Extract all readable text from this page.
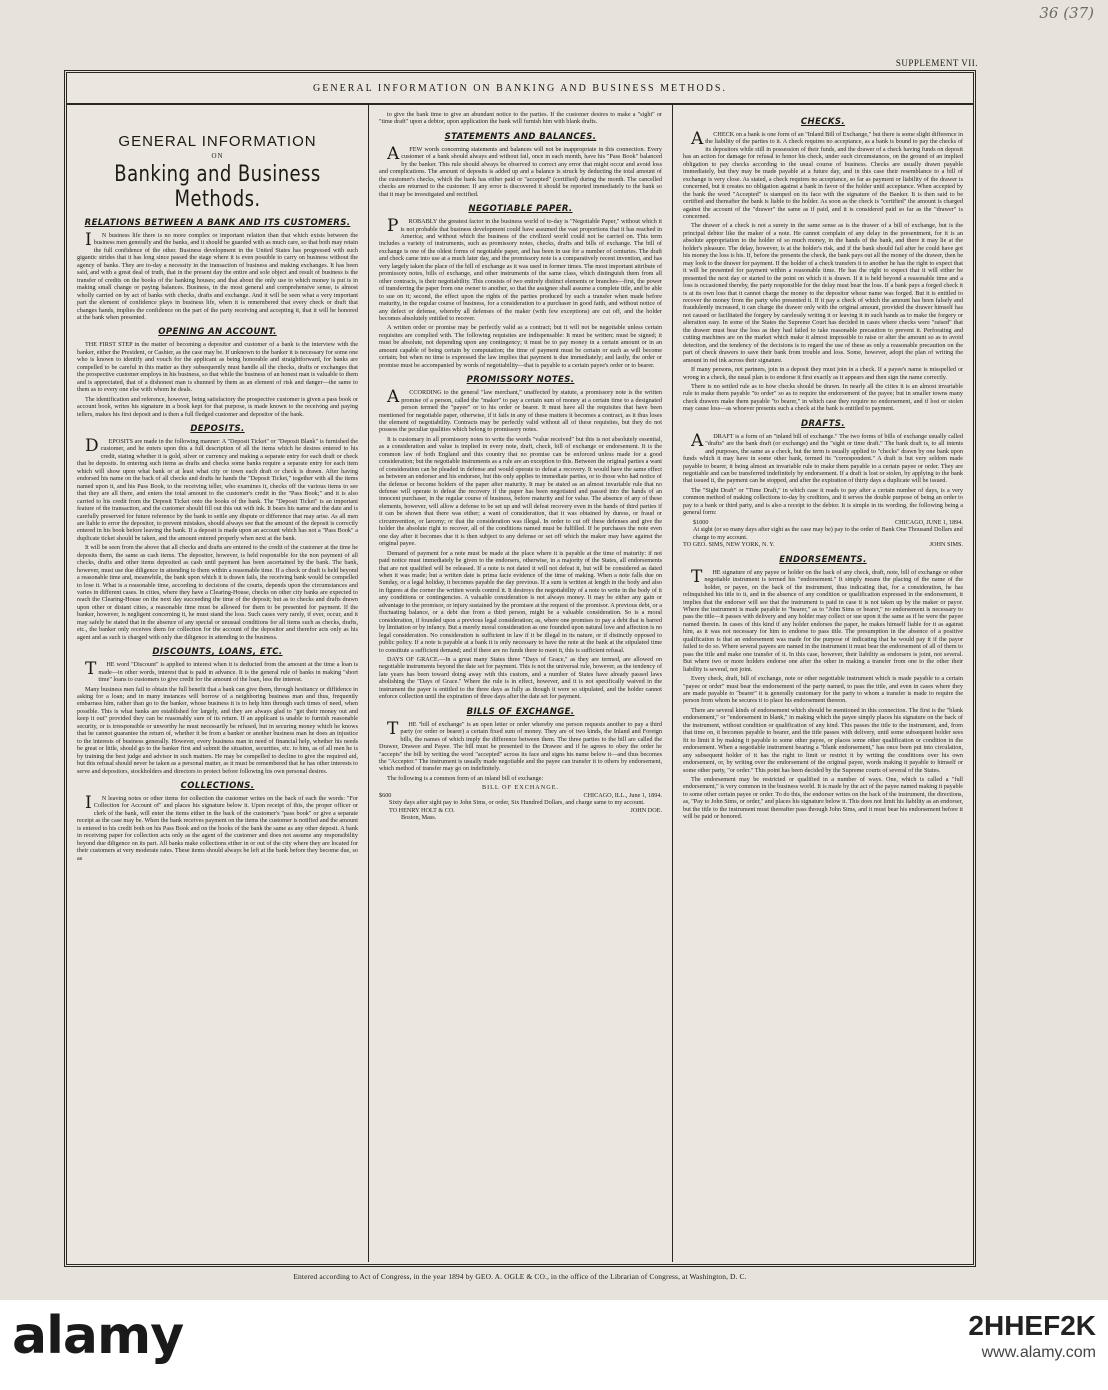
36 (37)
SUPPLEMENT VII.
GENERAL INFORMATION ON BANKING AND BUSINESS METHODS.
GENERAL INFORMATION
ON
Banking and Business Methods.
RELATIONS BETWEEN A BANK AND ITS CUSTOMERS.

IN business life there is no more complex or important relation than that which exists between the business men generally and the banks, and it should be guarded with as much care, so that both may retain the full confidence of the other. Business development in the United States has progressed with such gigantic strides that it has long since passed the stage where it is even possible to carry on business without the agency of banks. They are to-day a necessity in the transaction of business and making exchanges. It has been said, and with a great deal of truth, that in the present day the entire and sole object and result of business is the transfer of credits on the books of the banking houses; and that about the only use to which money is put is in making small change or paying balances. Business, in the most general and comprehensive sense, is almost wholly carried on by act of banks with checks, drafts and exchange. And it will be seen what a very important part the element of confidence plays in business life, when it is remembered that every check or draft that changes hands, implies the confidence on the part of the party receiving and accepting it, that it will be honored at the bank when presented.

OPENING AN ACCOUNT.

THE FIRST STEP in the matter of becoming a depositor and customer of a bank is the interview with the banker, either the President, or Cashier, as the case may be. If unknown to the banker it is necessary for some one who is known to identify and vouch for the applicant as being honorable and straightforward, for banks are compelled to be careful in this matter as they subsequently must handle all the checks, drafts or exchanges that the prospective customer employs in his business, so that while the business of an honest man is valuable to them and is appreciated, that of a dishonest man is shunned by them as an element of risk and danger—the same to them as to every one else with whom he deals.

The identification and reference, however, being satisfactory the prospective customer is given a pass book or account book, writes his signature in a book kept for that purpose, is made known to the receiving and paying tellers, makes his first deposit and is then a full fledged customer and depositor of the bank.

DEPOSITS.

DEPOSITS are made in the following manner: A "Deposit Ticket" or "Deposit Blank" is furnished the customer, and he enters upon this a full description of all the items which he desires entered to his credit, stating whether it is gold, silver or currency and making a separate entry for each draft or check that he deposits. In entering such items as drafts and checks some banks require a separate entry for each item which will show upon what bank or at least what city or town each draft or check is drawn. After having endorsed his name on the back of all checks and drafts he hands the "Deposit Ticket," together with all the items named upon it, and his Pass Book, to the receiving teller, who examines it, checks off the various items to see that they are all there, and enters the total amount to the customer's credit in the "Pass Book;" and it is also carried to his credit from the Deposit Ticket onto the books of the bank. The "Deposit Ticket" is an important feature of the transaction, and the customer should fill out this out with ink. It bears his name and the date and is carefully preserved for future reference by the bank to settle any dispute or difference that may arise. As all men are liable to error the depositor, to prevent mistakes, should always see that the amount of the deposit is correctly entered in his book before leaving the bank. If a deposit is made upon an account which has not a "Pass Book" a duplicate ticket should be taken, and the amount entered properly when next at the bank.

It will be seen from the above that all checks and drafts are entered to the credit of the customer at the time he deposits them, the same as cash items. The depositor, however, is held responsible for the non payment of all checks, drafts and other items deposited as cash until payment has been ascertained by the bank. The bank, however, must use due diligence in attending to them within a reasonable time. If a check or draft is held beyond a reasonable time and, meanwhile, the bank upon which it is drawn fails, the receiving bank would be compelled to lose it. What is a reasonable time, according to decisions of the courts, depends upon the circumstances and varies in different cases. In cities, where they have a Clearing-House, checks on other city banks are expected to reach the Clearing-House on the next day succeeding the time of the deposit; but as to checks and drafts drawn upon other or distant cities, a reasonable time must be allowed for them to be presented for payment. If the banker, however, is negligent concerning it, he must stand the loss. Such cases very rarely, if ever, occur, and it may safely be stated that in the absence of any special or unusual conditions for all items such as checks, drafts, etc., the banker only receives them for collection for the account of the depositor and therefor acts only as his agent and as such is charged with only due diligence in attending to the business.

DISCOUNTS, LOANS, ETC.

THE word "Discount" is applied to interest when it is deducted from the amount at the time a loan is made—in other words, interest that is paid in advance. It is the general rule of banks in making "short time" loans to customers to give credit for the amount of the loan, less the interest.

Many business men fail to obtain the full benefit that a bank can give them, through hesitancy or diffidence in asking for a loan; and in many instances will borrow of a neighboring business man and thus, frequently embarrass him, rather than go to the banker, whose business it is to help him through such times of need, when possible. This is what banks are established for largely, and they are always glad to "get their money out and keep it out" provided they can be reasonably sure of its return. If an applicant is unable to furnish reasonable security, or is irresponsible or unworthy he must necessarily be refused, but in securing money which he knows that he cannot guarantee the return of, whether it be from a banker or another business man he does an injustice to the interests of business generally. However, every business man in need of financial help, whether his needs be great or little, should go to the banker first and submit the situation, securities, etc. to him, as of all men he is by training the best judge and advisor in such matters. He may be compelled to decline to give the required aid, but this refusal should never be taken as a personal matter, as it must be remembered that he has other interests to serve and depositors, stockholders and directors to protect before following his own personal desires.

COLLECTIONS.

IN leaving notes or other items for collection the customer writes on the back of each the words: "For Collection for Account of" and places his signature below it. Upon receipt of this, the proper officer or clerk of the bank, will enter the items either in the back of the customer's "pass book" or give a separate receipt as the case may be. When the bank receives payment on the items the customer is notified and the amount is entered to his credit both on his Pass Book and on the books of the bank the same as any other deposit. A bank in receiving paper for collection acts only as the agent of the customer and does not assume any responsibility beyond due diligence on its part. All banks make collections either in or out of the city where they are located for their customers at very moderate rates. These items should always be left at the bank before they become due, so as

to give the bank time to give an abundant notice to the parties. If the customer desires to make a "sight" or "time draft" upon a debtor, upon application the bank will furnish him with blank drafts.

STATEMENTS AND BALANCES.

AFEW words concerning statements and balances will not be inappropriate in this connection. Every customer of a bank should always and without fail, once in each month, have his "Pass Book" balanced by the banker. This rule should always be observed to correct any error that might occur and avoid loss and complications. The amount of deposits is added up and a balance is struck by deducting the total amount of the customer's checks, which the bank has either paid or "accepted" (certified) during the month. The cancelled checks are returned to the customer. If any error is discovered it should be reported immediately to the bank so that it may be investigated and rectified.

NEGOTIABLE PAPER.

PROBABLY the greatest factor in the business world of to-day is "Negotiable Paper," without which it is not probable that business development could have assumed the vast proportions that it has reached in America; and without which the business of the civilized world could not be carried on. This term includes a variety of instruments, such as promissory notes, checks, drafts and bills of exchange. The bill of exchange is one of the oldest forms of negotiable paper, and has been in use for a number of centuries. The draft and check came into use at a much later day, and the promissory note is a comparatively recent invention, and has very largely taken the place of the bill of exchange as it was used in former times. The most important attribute of promissory notes, bills of exchange, and other instruments of the same class, which distinguish them from all other contracts, is their negotiability. This consists of two entirely distinct elements or branches—first, the power of transferring the paper from one owner to another, so that the assignee shall assume a complete title, and be able to sue on it; second, the effect upon the rights of the parties produced by such a transfer when made before maturity, in the regular course of business, for a consideration to a purchaser in good faith, and without notice of any defect or defense, whereby all defenses of the maker (with few exceptions) are cut off, and the holder becomes absolutely entitled to recover.

A written order or promise may be perfectly valid as a contract; but it will not be negotiable unless certain requisites are complied with. The following requisites are indispensable: It must be written; must be signed; it must be absolute, not depending upon any contingency; it must be to pay money in a certain amount or in an amount capable of being certain by computation; the time of payment must be certain or such as will become certain; but when no time is expressed the law implies that payment is due immediately; and lastly, the order or promise must be accompanied by words of negotiability—that is payable to a certain payee's order or to bearer.

PROMISSORY NOTES.

ACCORDING to the general "law merchant," unaffected by statute, a promissory note is the written promise of a person, called the "maker" to pay a certain sum of money at a certain time to a designated person termed the "payee" or to his order or bearer. It must have all the requisites that have been mentioned for negotiable paper, otherwise, if it fails in any of these matters it becomes a contract, as it thus loses the element of negotiability. Contracts may be perfectly valid without all of these requisites, but they do not possess the peculiar qualities which belong to promissory notes.

It is customary in all promissory notes to write the words "value received" but this is not absolutely essential, as a consideration and value is implied in every note, draft, check, bill of exchange or endorsement. It is the common law of both England and this country that no promise can be enforced unless made for a good consideration; but the negotiable instruments as a rule are an exception to this. Between the original parties a want of consideration can be pleaded in defense and would operate to defeat a recovery. It would have the same effect as between an endorser and his endorsee, but this only applies to immediate parties, or to those who had notice of the defense or become holders of the paper after maturity. It may be stated as an almost invariable rule that no defense will operate to defeat the recovery if the paper has been negotiated and passed into the hands of an innocent purchaser, in the regular course of business, before maturity and for value. The absence of any of these elements, however, will allow a defense to be set up and will defeat recovery even in the hands of third parties if it can be shown that there was either; a want of consideration, that it was obtained by duress, or fraud or circumvention, or larceny; or that the consideration was illegal. In order to cut off these defenses and give the holder the absolute right to recover, all of the conditions named must be fulfilled. If he purchases the note even one day after it becomes due it is then subject to any defense or set off which the maker may have against the original payee.

Demand of payment for a note must be made at the place where it is payable at the time of maturity: if not paid notice must immediately be given to the endorsers, otherwise, in a majority of the States, all endorsements that are not qualified will be released. If a note is not dated it will not defeat it, but will be considered as dated when it was made; but a written date is prima facie evidence of the time of making. When a note falls due on Sunday, or a legal holiday, it becomes payable the day previous. If a sum is written at length in the body and also in figures at the corner the written words control it. It destroys the negotiability of a note to write in the body of it any conditions or contingencies. A valuable consideration is not always money. It may be either any gain or advantage to the promisor, or injury sustained by the promisee at the request of the promisor. A previous debt, or a fluctuating balance, or a debt due from a third person, might be a valuable consideration. So is a moral consideration, if founded upon a previous legal consideration; as, where one promises to pay a debt that is barred by limitation or by infancy. But a merely moral consideration as one founded upon natural love and affection is no legal consideration. No consideration is sufficient in law if it be illegal in its nature, or if distinctly opposed to public policy. If a note is payable at a bank it is only necessary to have the note at the bank at the stipulated time to constitute a sufficient demand; and if there are no funds there to meet it, this is sufficient refusal.

DAYS OF GRACE.—In a great many States three "Days of Grace," as they are termed, are allowed on negotiable instruments beyond the date set for payment. This is not the universal rule, however, as the tendency of late years has been toward doing away with this custom, and a number of States have already passed laws abolishing the "Days of Grace." Where the rule is in effect, however, and it is not specifically waived in the instrument the payer is entitled to the three days as fully as though it were so stipulated, and the holder cannot enforce collection until the expiration of three days after the date set for payment.

BILLS OF EXCHANGE.

THE "bill of exchange" is an open letter or order whereby one person requests another to pay a third party (or order or bearer) a certain fixed sum of money. They are of two kinds, the Inland and Foreign bills, the names of which imply the difference between them. The three parties to the bill are called the Drawer, Drawee and Payee. The bill must be presented to the Drawee and if he agrees to obey the order he "accepts" the bill by writing the word "accepted" across its face and signs his name below it—and thus becomes the "Acceptor." The instrument is usually made negotiable and the payee can transfer it to others by endorsement, which method of transfer may go on indefinitely.

The following is a common form of an inland bill of exchange:

BILL OF EXCHANGE.
$600	CHICAGO, ILL., June 1, 1894.
Sixty days after sight pay to John Sims, or order, Six Hundred Dollars, and charge same to my account.
TO HENRY HOLT & CO.	JOHN DOE.
Boston, Mass.
CHECKS.

ACHECK on a bank is one form of an "Inland Bill of Exchange," but there is some slight difference in the liability of the parties to it. A check requires no acceptance, as a bank is bound to pay the checks of its depositors while still in possession of their funds, and the drawer of a check having funds on deposit has an action for damage for refusal to honor his check, under such circumstances, on the ground of an implied obligation to pay checks according to the usual course of business. Checks are usually drawn payable immediately, but they may be made payable at a future day, and in this case their resemblance to a bill of exchange is very close. As stated, a check requires no acceptance, so far as payment or liability of the drawer is concerned, but it creates no obligation against a bank in favor of the holder until acceptance. When accepted by the bank the word "Accepted" is stamped on its face with the signature of the Banker. It is then said to be certified and thereafter the bank is liable to the holder. As soon as the check is "certified" the amount is charged against the account of the "drawer" the same as if paid, and it is considered paid so far as the "drawer" is concerned.

The drawer of a check is not a surety in the same sense as is the drawer of a bill of exchange, but is the principal debtor like the maker of a note. He cannot complain of any delay in the presentment, for it is an absolute appropriation to the holder of so much money, in the hands of the bank, and there it may lie at the holder's pleasure. The delay, however, is at the holder's risk, and if the bank should fail after he could have got his money the loss is his. If, before the presents the check, the bank pays out all the money of the drawer, then he may look to the drawer for payment. If the holder of a check transfers it to another he has the right to expect that it will be presented for payment within a reasonable time. He has the right to expect that it will either be presented the next day or started to the point on which it is drawn. If it is held beyond a reasonable time and a loss is occasioned thereby, the party responsible for the delay must bear the loss. If a bank pays a forged check it is at its own loss that it cannot charge the money to the depositor whose name was forged. But it is entitled to recover the money from the party who presented it. If it pay a check of which the amount has been falsely and fraudulently increased, it can charge the drawer only with the original amount, provided the drawer himself has not caused or facilitated the forgery by carelessly writing it or leaving it in such hands as to make the forgery or alteration easy. In some of the States the Supreme Court has decided in cases where checks were "raised" that the drawer must bear the loss as they had failed to take reasonable precaution to prevent it. Perforating and cutting machines are on the market which make it almost impossible to raise or alter the amount so as to avoid detection, and the tendency of the decisions is to regard the use of these as only a reasonable precaution on the part of check drawers to save their bank from trouble and loss. Some, however, adopt the plan of writing the amount in red ink across their signature.

If many persons, not partners, join in a deposit they must join in a check. If a payee's name is misspelled or wrong in a check, the usual plan is to endorse it first exactly as it appears and then sign the name correctly.

There is no settled rule as to how checks should be drawn. In nearly all the cities it is an almost invariable rule to make them payable "to order" so as to require the endorsement of the payee; but in smaller towns many check drawers make them payable "to bearer," in which case they require no endorsement, and if lost or stolen may cause loss—as whoever presents such a check at the bank is entitled to payment.

DRAFTS.

ADRAFT is a form of an "inland bill of exchange." The two forms of bills of exchange usually called "drafts" are the bank draft (or exchange) and the "sight or time draft." The bank draft is, to all intents and purposes, the same as a check, but the term is usually applied to "checks" drawn by one bank upon funds which it may have in some other bank, termed its "correspondent." A draft is but very seldom made payable to bearer, it being almost an invariable rule to make them payable to a certain payee or order. They are negotiable and can be transferred indefinitely by endorsement. If a draft is lost or stolen, by applying to the bank that issued it, the payment can be stopped, and after the expiration of thirty days a duplicate will be issued.

The "Sight Draft" or "Time Draft," in which case it reads to pay after a certain number of days, is a very common method of making collections to-day by creditors, and it serves the double purpose of being an order to pay to a bank or third party, and is also a receipt to the debtor. It is simple in its wording, the following being a general form:

$1000	CHICAGO, JUNE 1, 1894.
At sight (or so many days after sight as the case may be) pay to the order of Bank One Thousand Dollars and charge to my account.
TO GEO. SIMS, NEW YORK, N. Y.	JOHN SIMS.
ENDORSEMENTS.

THE signature of any payee or holder on the back of any check, draft, note, bill of exchange or other negotiable instrument is termed his "endorsement." It simply means the placing of the name of the holder, or payee, on the back of the instrument, thus indicating that, for a consideration, he has relinquished his title to it, and in the absence of any condition or qualification expressed in the endorsement, it implies that the endorser will see that the instrument is paid in case it is not taken up by the maker or payor. Where the instrument is made payable to "bearer," as to "John Sims or bearer," no endorsement is necessary to pass the title—it passes with delivery and any holder may collect or sue upon it the same as if he were the payee named therein. In cases of this kind if any holder endorses the paper, he makes himself liable for it as against him, as it was not necessary for him to endorse to pass title. The presumption in the absence of a positive qualification is that an endorsement was made for the purpose of indicating that he would pay it if the payor failed to do so. Where several payees are named in the instrument it must bear the endorsement of all of them to pass the title and make one transfer of it. In this case, however, their liability as endorsers is joint, not several. But where two or more holders endorse one after the other in making a transfer from one to the other their liability is several, not joint.

Every check, draft, bill of exchange, note or other negotiable instrument which is made payable to a certain "payee or order" must bear the endorsement of the party named, to pass the title, and even in cases where they are made payable to "bearer" it is generally customary for the party to whom a transfer is made to require the person from whom he secures it to place his endorsement thereon.

There are several kinds of endorsement which should be mentioned in this connection. The first is the "blank endorsement," or "endorsement in blank," in making which the payee simply places his signature on the back of the instrument, without condition or qualification of any kind. This passes the title to the instrument, and, from that time on, it becomes payable to bearer, and the title passes with delivery, until some subsequent holder sees fit to limit it by making it payable to some other payee, or places some other qualification or condition in the endorsement. When a negotiable instrument bearing a "blank endorsement," has once been put into circulation, any subsequent holder of it has the right to limit or restrict it by writing the conditions over his own endorsement, or, by writing over the endorsement of the original payee, words making it payable to himself or some other party, "or order." This point has been decided by the Supreme courts of several of the States.

The endorsement may be restricted or qualified in a number of ways. One, which is called a "full endorsement," is very common in the business world. It is made by the act of the payee named making it payable to some other certain payee or order. To do this, the endorser writes on the back of the instrument, the directions, as, "Pay to John Sims, or order," and places his signature below it. This does not limit his liability as an endorser, but the title to the instrument must thereafter pass through John Sims, and it must bear his endorsement before it will be paid or honored.

Entered according to Act of Congress, in the year 1894 by GEO. A. OGLE & CO., in the office of the Librarian of Congress, at Washington, D. C.
alamy	2HHEF2K
www.alamy.com
